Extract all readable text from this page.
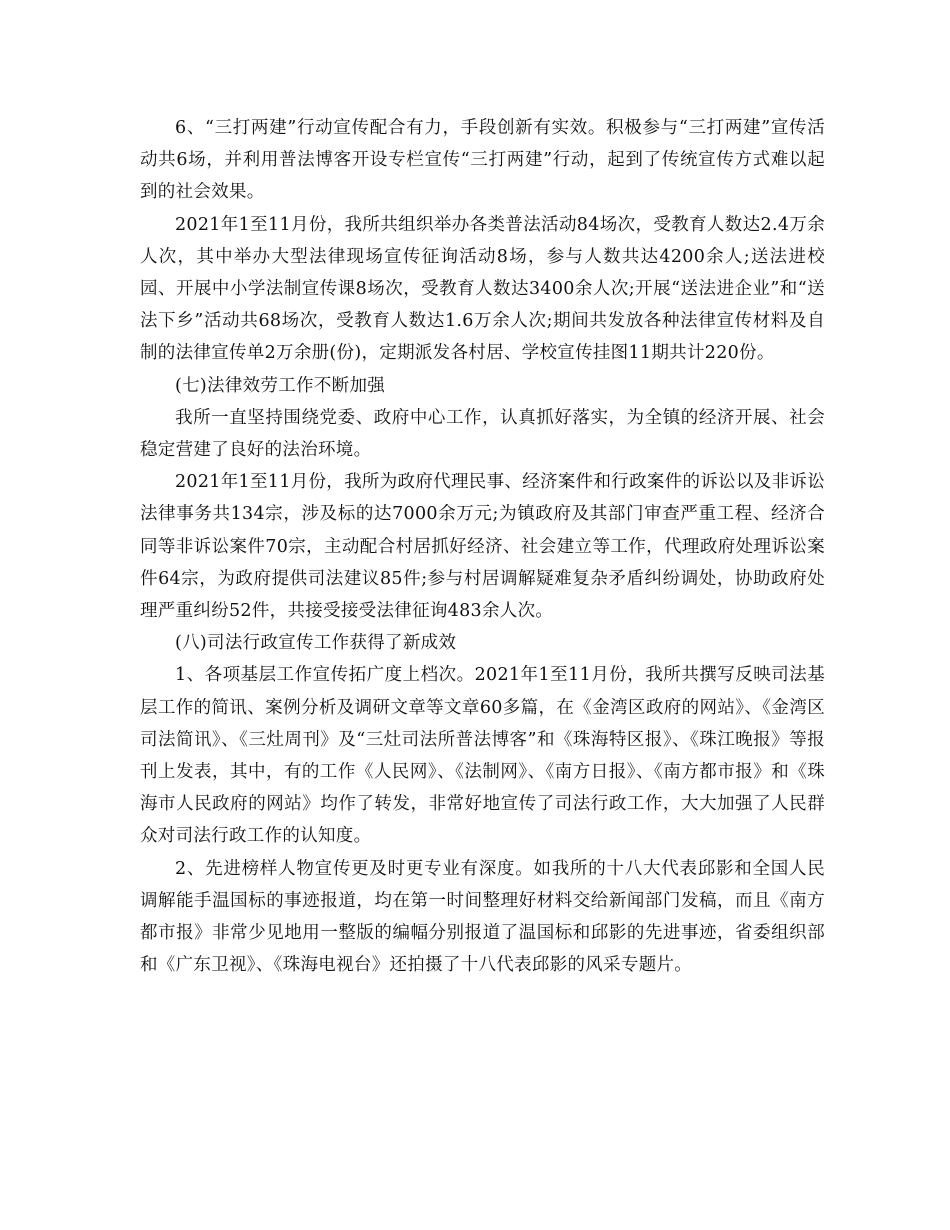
6、“三打两建”行动宣传配合有力，手段创新有实效。积极参与“三打两建”宣传活动共6场，并利用普法博客开设专栏宣传“三打两建”行动，起到了传统宣传方式难以起到的社会效果。

2021年1至11月份，我所共组织举办各类普法活动84场次，受教育人数达2.4万余人次，其中举办大型法律现场宣传征询活动8场，参与人数共达4200余人;送法进校园、开展中小学法制宣传课8场次，受教育人数达3400余人次;开展“送法进企业”和“送法下乡”活动共68场次，受教育人数达1.6万余人次;期间共发放各种法律宣传材料及自制的法律宣传单2万余册(份)，定期派发各村居、学校宣传挂图11期共计220份。

(七)法律效劳工作不断加强

我所一直坚持围绕党委、政府中心工作，认真抓好落实，为全镇的经济开展、社会稳定营建了良好的法治环境。

2021年1至11月份，我所为政府代理民事、经济案件和行政案件的诉讼以及非诉讼法律事务共134宗，涉及标的达7000余万元;为镇政府及其部门审查严重工程、经济合同等非诉讼案件70宗，主动配合村居抓好经济、社会建立等工作，代理政府处理诉讼案件64宗，为政府提供司法建议85件;参与村居调解疑难复杂矛盾纠纷调处，协助政府处理严重纠纷52件，共接受接受法律征询483余人次。

(八)司法行政宣传工作获得了新成效

1、各项基层工作宣传拓广度上档次。2021年1至11月份，我所共撰写反映司法基层工作的简讯、案例分析及调研文章等文章60多篇，在《金湾区政府的网站》、《金湾区司法简讯》、《三灶周刊》及“三灶司法所普法博客”和《珠海特区报》、《珠江晚报》等报刊上发表，其中，有的工作《人民网》、《法制网》、《南方日报》、《南方都市报》和《珠海市人民政府的网站》均作了转发，非常好地宣传了司法行政工作，大大加强了人民群众对司法行政工作的认知度。

2、先进榜样人物宣传更及时更专业有深度。如我所的十八大代表邱影和全国人民调解能手温国标的事迹报道，均在第一时间整理好材料交给新闻部门发稿，而且《南方都市报》非常少见地用一整版的编幅分别报道了温国标和邱影的先进事迹，省委组织部和《广东卫视》、《珠海电视台》还拍摄了十八代表邱影的风采专题片。
